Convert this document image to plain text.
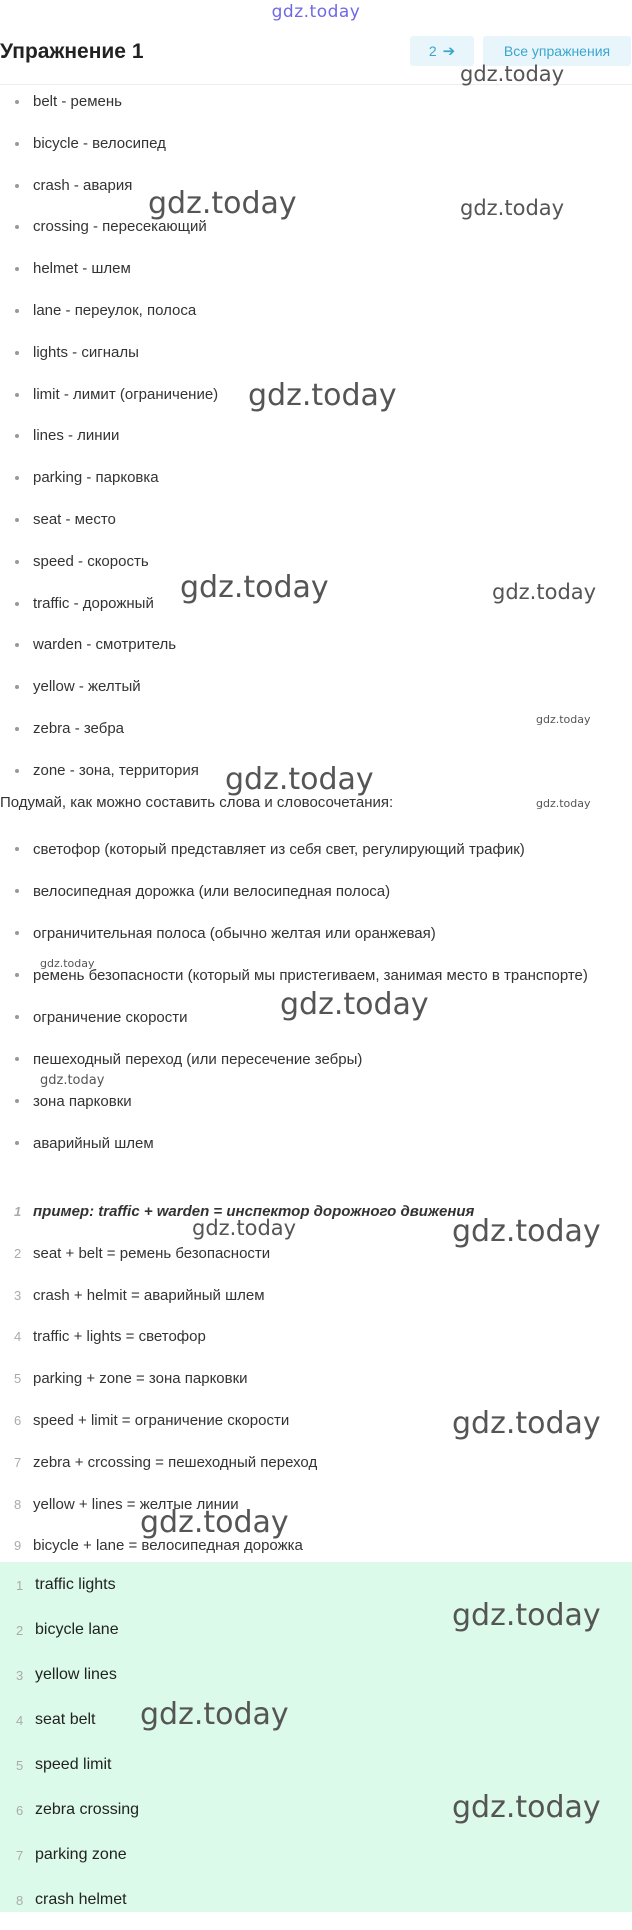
gdz.today
Упражнение 1	2 ➔	Все упражнения
belt - ремень
bicycle - велосипед
crash - авария
crossing - пересекающий
helmet - шлем
lane - переулок, полоса
lights - сигналы
limit - лимит (ограничение)
lines - линии
parking - парковка
seat - место
speed - скорость
traffic - дорожный
warden - смотритель
yellow - желтый
zebra - зебра
zone - зона, территория
Подумай, как можно составить слова и словосочетания:
светофор (который представляет из себя свет, регулирующий трафик)
велосипедная дорожка (или велосипедная полоса)
ограничительная полоса (обычно желтая или оранжевая)
ремень безопасности (который мы пристегиваем, занимая место в транспорте)
ограничение скорости
пешеходный переход (или пересечение зебры)
зона парковки
аварийный шлем
1 пример: traffic + warden = инспектор дорожного движения
2 seat + belt = ремень безопасности
3 crash + helmit = аварийный шлем
4 traffic + lights = светофор
5 parking + zone = зона парковки
6 speed + limit = ограничение скорости
7 zebra + crcossing = пешеходный переход
8 yellow + lines = желтые линии
9 bicycle + lane = велосипедная дорожка
1 traffic lights
2 bicycle lane
3 yellow lines
4 seat belt
5 speed limit
6 zebra crossing
7 parking zone
8 crash helmet
gdz.today
gdz.today	gdz.today
gdz.today
gdz.today	gdz.today
gdz.today
gdz.today
gdz.today
gdz.today
gdz.today
gdz.today
gdz.today	gdz.today
gdz.today
gdz.today
gdz.today
gdz.today
gdz.today
